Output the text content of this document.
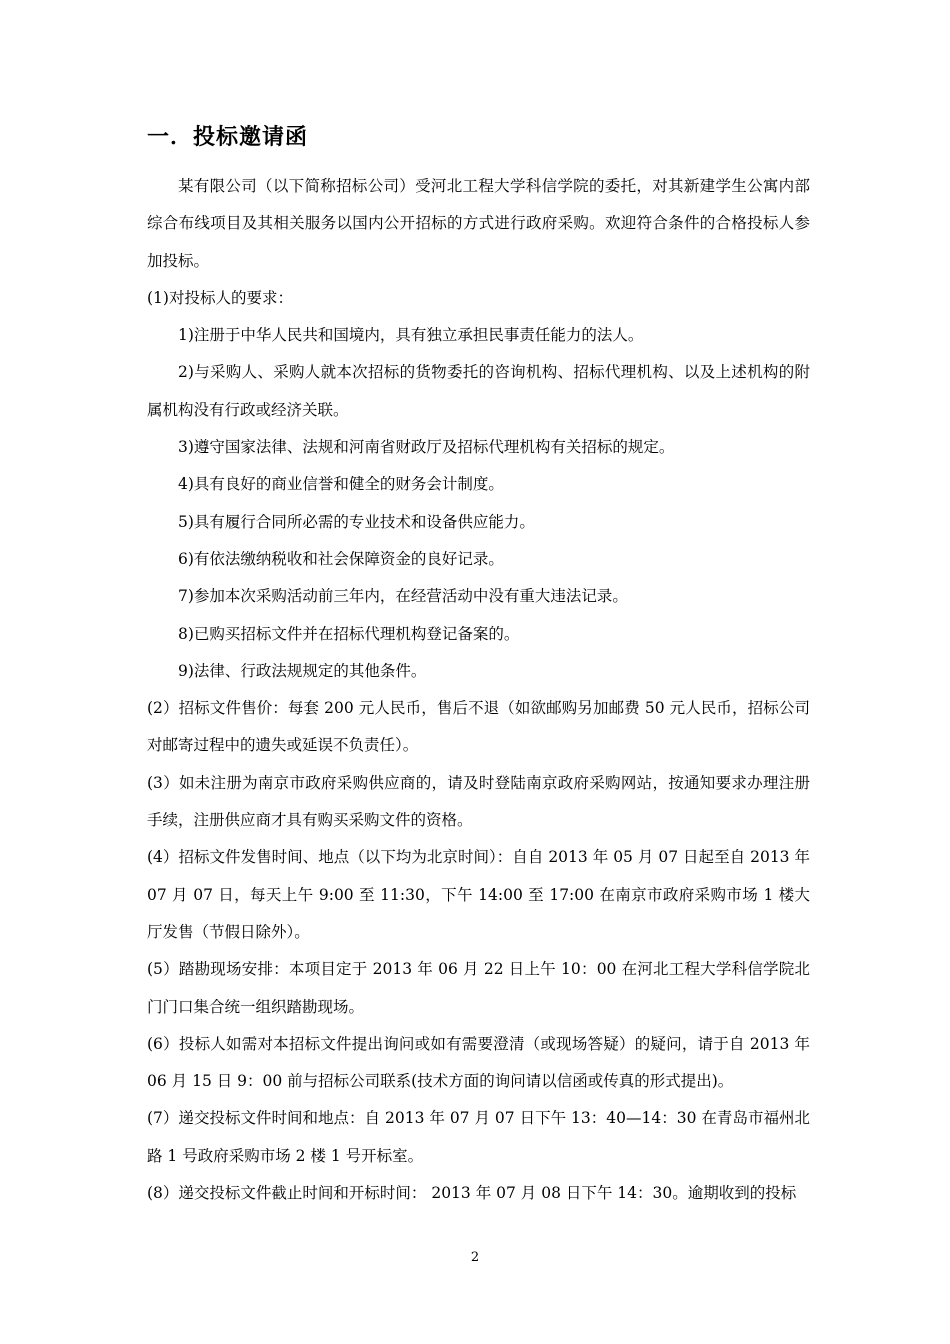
一．投标邀请函

某有限公司（以下简称招标公司）受河北工程大学科信学院的委托，对其新建学生公寓内部综合布线项目及其相关服务以国内公开招标的方式进行政府采购。欢迎符合条件的合格投标人参加投标。

(1)对投标人的要求：

1)注册于中华人民共和国境内，具有独立承担民事责任能力的法人。

2)与采购人、采购人就本次招标的货物委托的咨询机构、招标代理机构、以及上述机构的附属机构没有行政或经济关联。

3)遵守国家法律、法规和河南省财政厅及招标代理机构有关招标的规定。

4)具有良好的商业信誉和健全的财务会计制度。

5)具有履行合同所必需的专业技术和设备供应能力。

6)有依法缴纳税收和社会保障资金的良好记录。

7)参加本次采购活动前三年内，在经营活动中没有重大违法记录。

8)已购买招标文件并在招标代理机构登记备案的。

9)法律、行政法规规定的其他条件。

(2）招标文件售价：每套 200 元人民币，售后不退（如欲邮购另加邮费 50 元人民币，招标公司对邮寄过程中的遗失或延误不负责任）。

(3）如未注册为南京市政府采购供应商的，请及时登陆南京政府采购网站，按通知要求办理注册手续，注册供应商才具有购买采购文件的资格。

(4）招标文件发售时间、地点（以下均为北京时间）：自自 2013 年 05 月 07 日起至自 2013 年 07 月 07 日，每天上午 9:00 至 11:30，下午 14:00 至 17:00 在南京市政府采购市场 1 楼大厅发售（节假日除外）。

(5）踏勘现场安排：本项目定于 2013 年 06 月 22 日上午 10：00 在河北工程大学科信学院北门门口集合统一组织踏勘现场。

(6）投标人如需对本招标文件提出询问或如有需要澄清（或现场答疑）的疑问，请于自 2013 年 06 月 15 日 9：00 前与招标公司联系(技术方面的询问请以信函或传真的形式提出)。

(7）递交投标文件时间和地点：自 2013 年 07 月 07 日下午 13：40—14：30 在青岛市福州北路 1 号政府采购市场 2 楼 1 号开标室。

(8）递交投标文件截止时间和开标时间： 2013 年 07 月 08 日下午 14：30。逾期收到的投标

2
